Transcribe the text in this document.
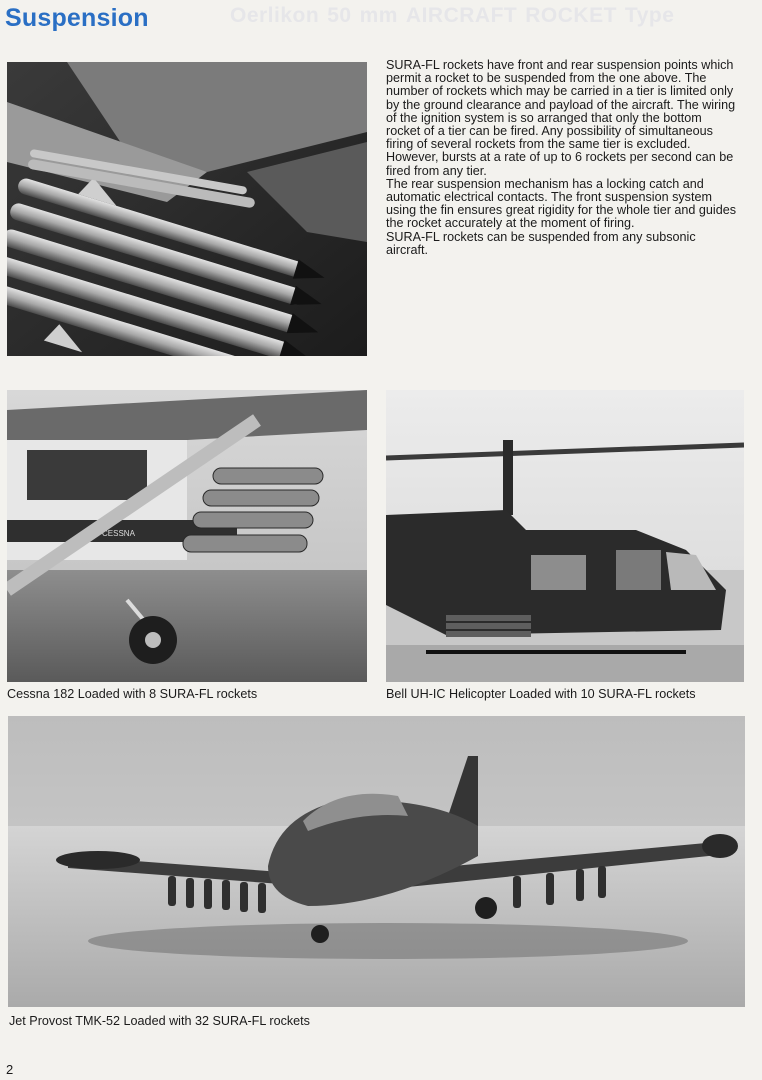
Oerlikon 50 mm AIRCRAFT ROCKET Type
Suspension

SURA-FL rockets have front and rear suspension points which permit a rocket to be suspended from the one above. The number of rockets which may be carried in a tier is limited only by the ground clearance and payload of the aircraft. The wiring of the ignition system is so arranged that only the bottom rocket of a tier can be fired. Any possibility of simultaneous firing of several rockets from the same tier is excluded. However, bursts at a rate of up to 6 rockets per second can be fired from any tier.

The rear suspension mechanism has a locking catch and automatic electrical contacts. The front suspension system using the fin ensures great rigidity for the whole tier and guides the rocket accurately at the moment of firing.

SURA-FL rockets can be suspended from any subsonic aircraft.

CESSNA
Cessna 182 Loaded with 8 SURA-FL rockets	Bell UH-IC Helicopter Loaded with 10 SURA-FL rockets
Jet Provost TMK-52 Loaded with 32 SURA-FL rockets
2
